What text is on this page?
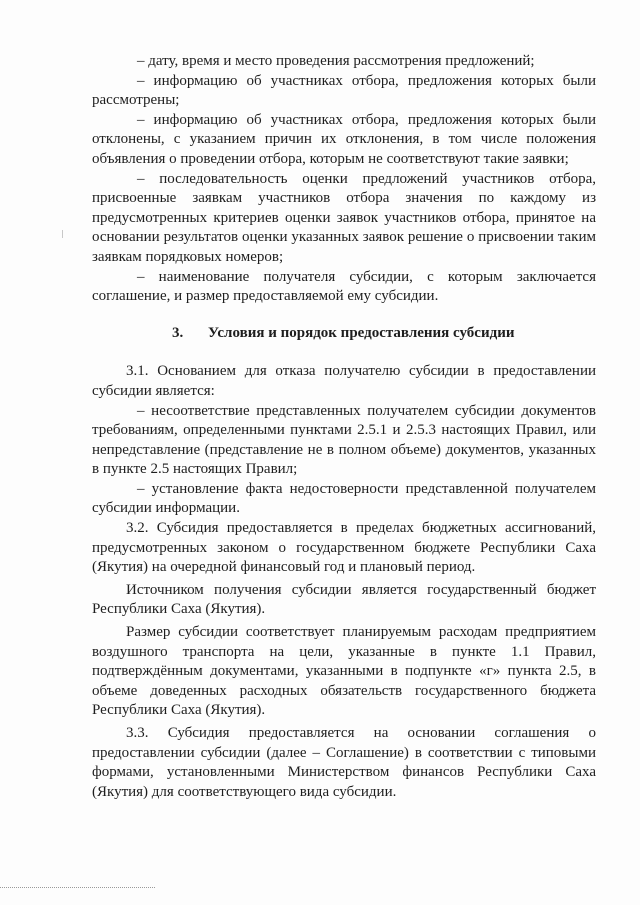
– дату, время и место проведения рассмотрения предложений;

– информацию об участниках отбора, предложения которых были рассмотрены;

– информацию об участниках отбора, предложения которых были отклонены, с указанием причин их отклонения, в том числе положения объявления о проведении отбора, которым не соответствуют такие заявки;

– последовательность оценки предложений участников отбора, присвоенные заявкам участников отбора значения по каждому из предусмотренных критериев оценки заявок участников отбора, принятое на основании результатов оценки указанных заявок решение о присвоении таким заявкам порядковых номеров;

– наименование получателя субсидии, с которым заключается соглашение, и размер предоставляемой ему субсидии.

3. Условия и порядок предоставления субсидии

3.1. Основанием для отказа получателю субсидии в предоставлении субсидии является:

– несоответствие представленных получателем субсидии документов требованиям, определенными пунктами 2.5.1 и 2.5.3 настоящих Правил, или непредставление (представление не в полном объеме) документов, указанных в пункте 2.5 настоящих Правил;

– установление факта недостоверности представленной получателем субсидии информации.

3.2. Субсидия предоставляется в пределах бюджетных ассигнований, предусмотренных законом о государственном бюджете Республики Саха (Якутия) на очередной финансовый год и плановый период.

Источником получения субсидии является государственный бюджет Республики Саха (Якутия).

Размер субсидии соответствует планируемым расходам предприятием воздушного транспорта на цели, указанные в пункте 1.1 Правил, подтверждённым документами, указанными в подпункте «г» пункта 2.5, в объеме доведенных расходных обязательств государственного бюджета Республики Саха (Якутия).

3.3. Субсидия предоставляется на основании соглашения о предоставлении субсидии (далее – Соглашение) в соответствии с типовыми формами, установленными Министерством финансов Республики Саха (Якутия) для соответствующего вида субсидии.
